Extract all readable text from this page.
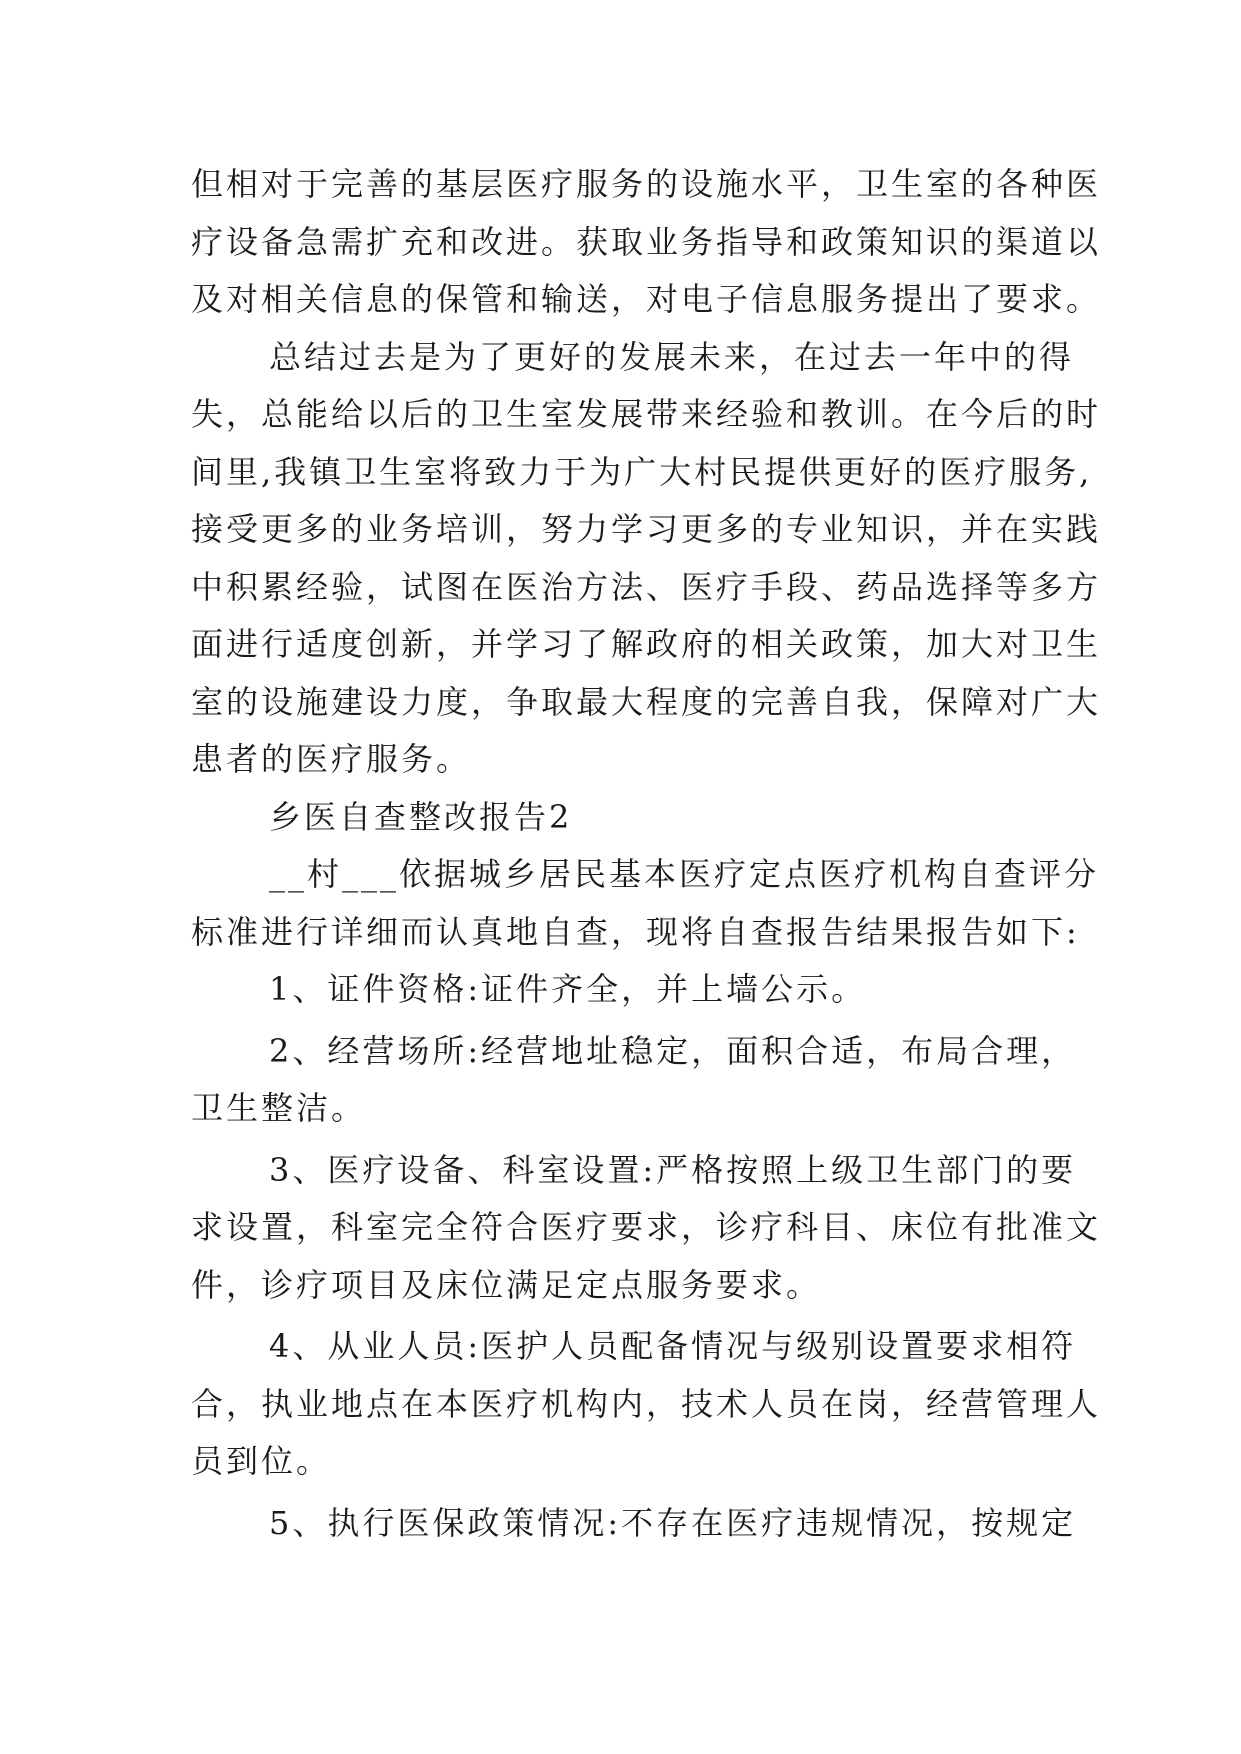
但相对于完善的基层医疗服务的设施水平，卫生室的各种医

疗设备急需扩充和改进。获取业务指导和政策知识的渠道以

及对相关信息的保管和输送，对电子信息服务提出了要求。

总结过去是为了更好的发展未来，在过去一年中的得

失，总能给以后的卫生室发展带来经验和教训。在今后的时

间里,我镇卫生室将致力于为广大村民提供更好的医疗服务,

接受更多的业务培训，努力学习更多的专业知识，并在实践

中积累经验，试图在医治方法、医疗手段、药品选择等多方

面进行适度创新，并学习了解政府的相关政策，加大对卫生

室的设施建设力度，争取最大程度的完善自我，保障对广大

患者的医疗服务。

乡医自查整改报告2

__村___依据城乡居民基本医疗定点医疗机构自查评分

标准进行详细而认真地自查，现将自查报告结果报告如下:

1、证件资格:证件齐全，并上墙公示。

2、经营场所:经营地址稳定，面积合适，布局合理，

卫生整洁。

3、医疗设备、科室设置:严格按照上级卫生部门的要

求设置，科室完全符合医疗要求，诊疗科目、床位有批准文

件，诊疗项目及床位满足定点服务要求。

4、从业人员:医护人员配备情况与级别设置要求相符

合，执业地点在本医疗机构内，技术人员在岗，经营管理人

员到位。

5、执行医保政策情况:不存在医疗违规情况，按规定
